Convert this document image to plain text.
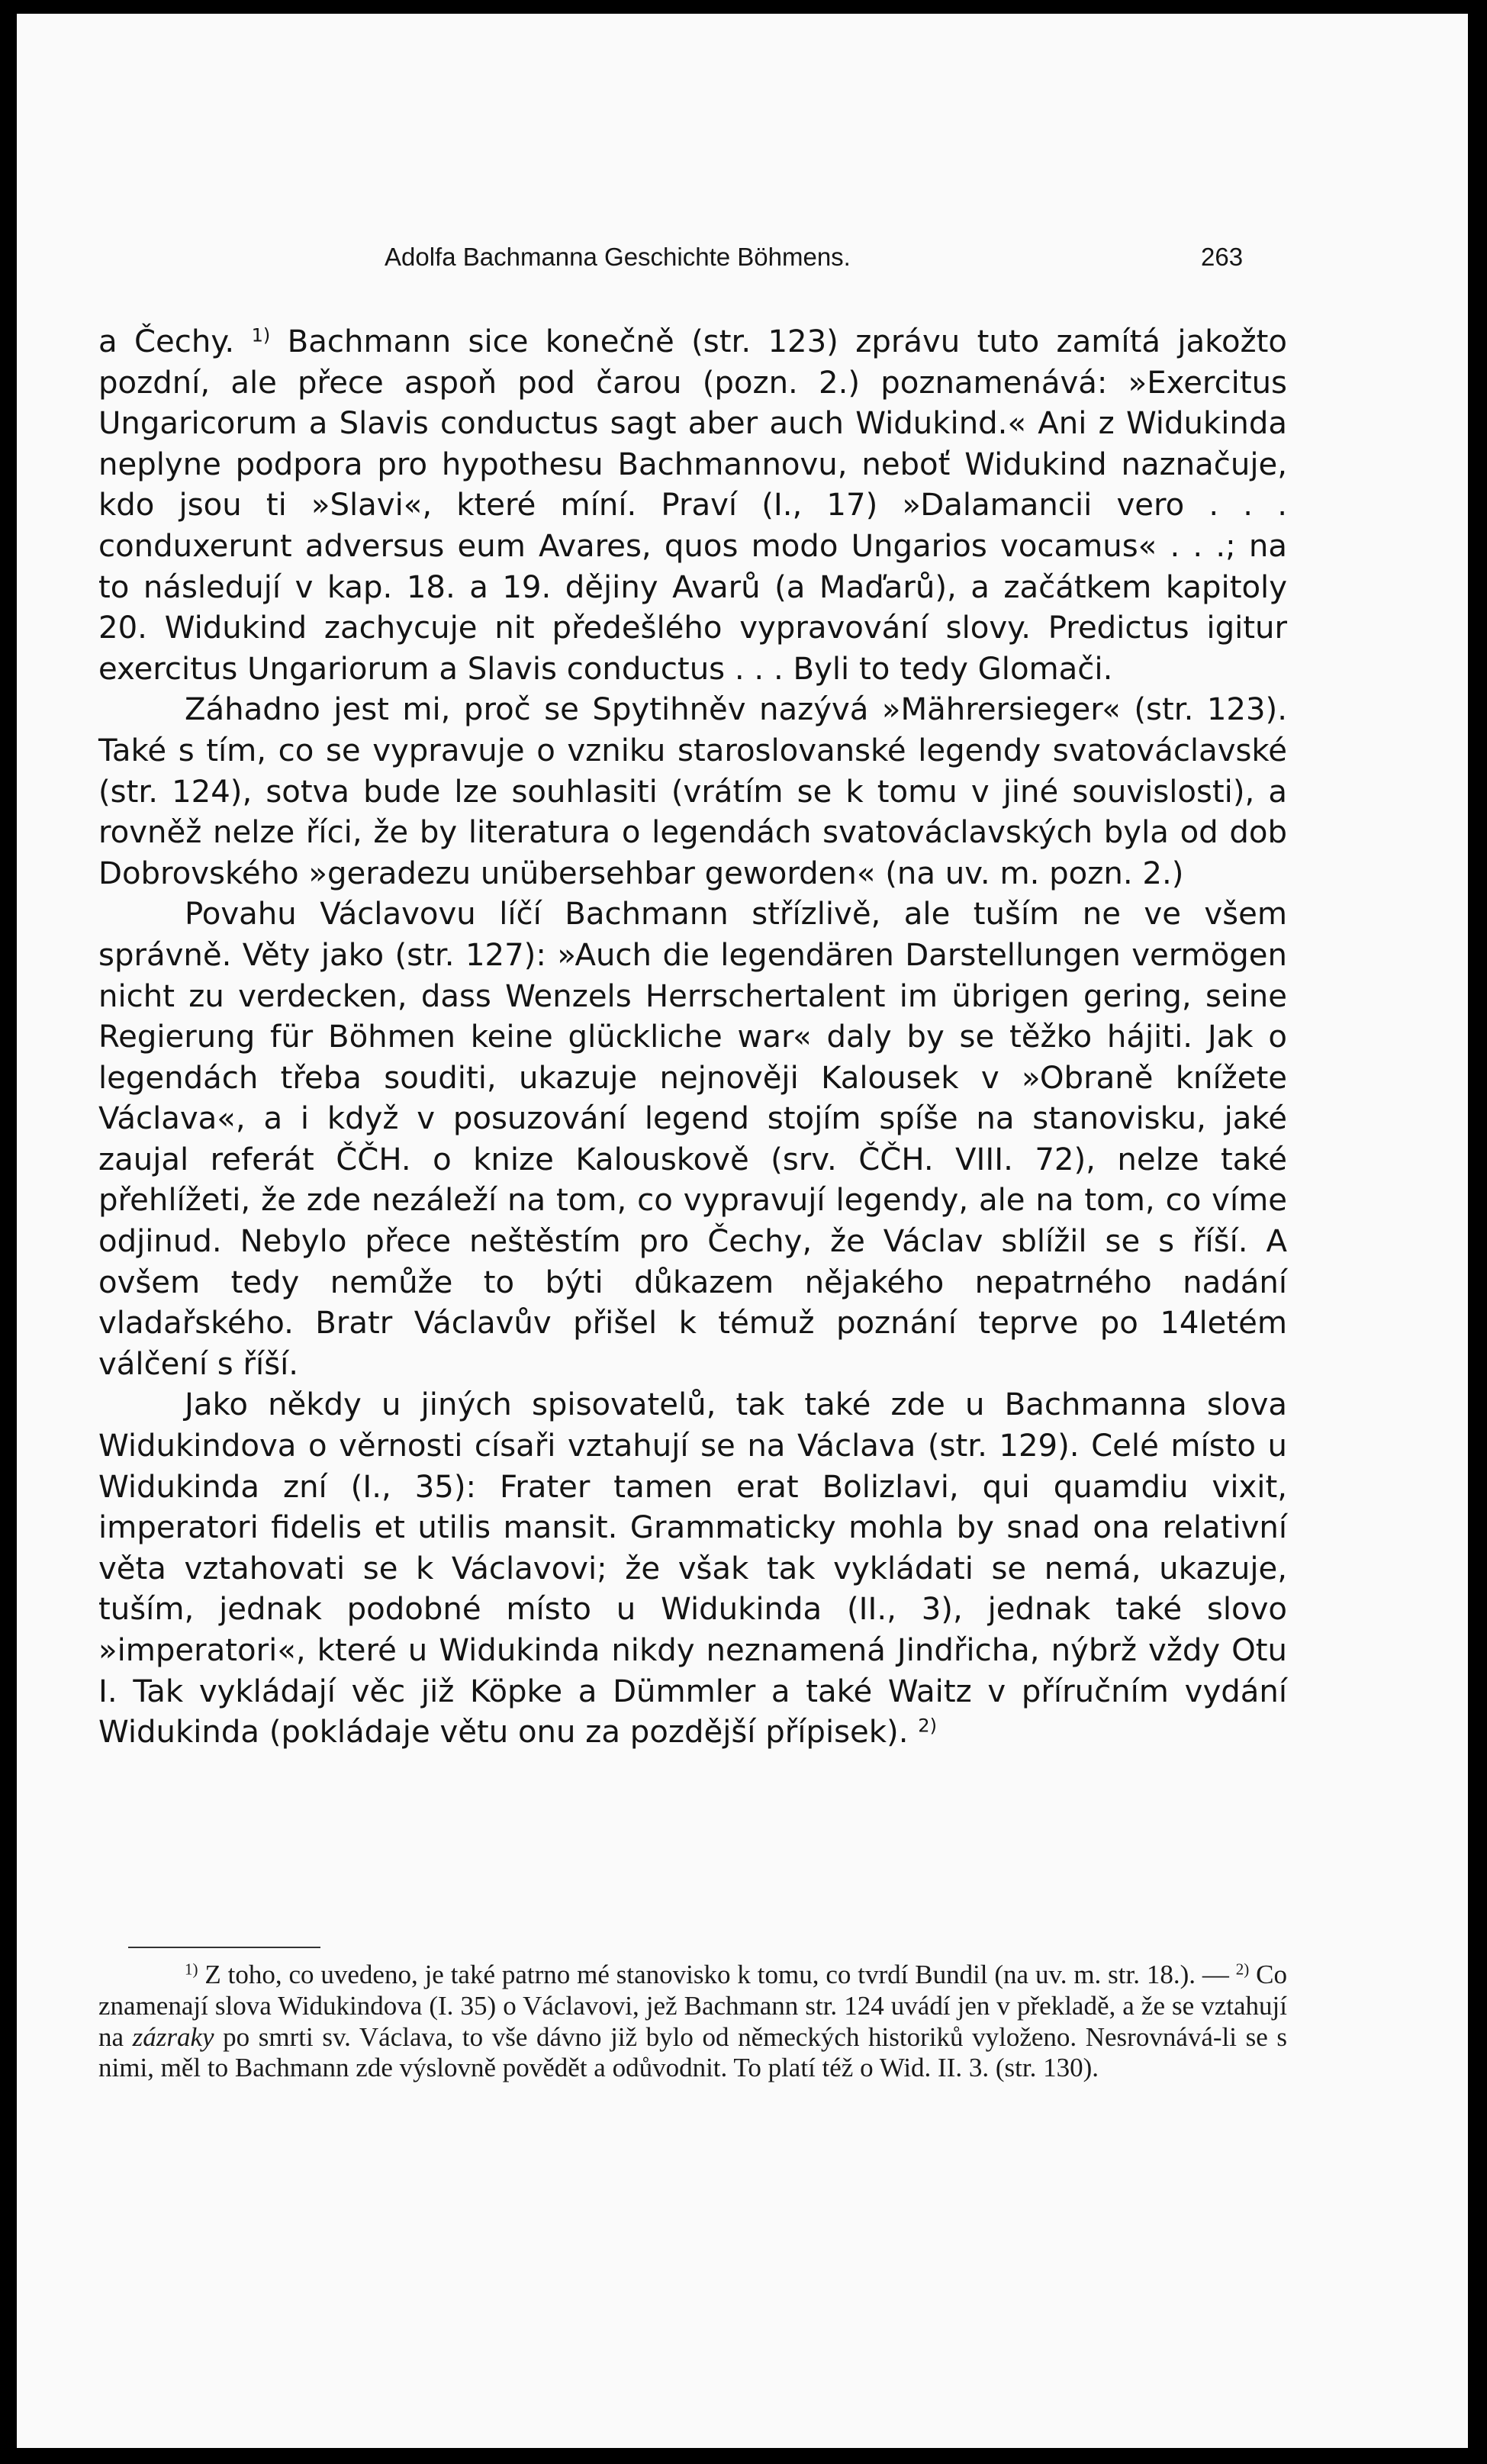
Adolfa Bachmanna Geschichte Böhmens.	263

a Čechy. $^{1)}$ Bachmann sice konečně (str. 123) zprávu tuto zamítá jakožto pozdní, ale přece aspoň pod čarou (pozn. 2.) poznamenává: »Exercitus Ungaricorum a Slavis conductus sagt aber auch Widukind.« Ani z Widukinda neplyne podpora pro hypothesu Bachmannovu, neboť Widukind naznačuje, kdo jsou ti »Slavi«, které míní. Praví (I., 17) »Dalamancii vero . . . conduxerunt adversus eum Avares, quos modo Ungarios vocamus« . . .; na to následují v kap. 18. a 19. dějiny Avarů (a Maďarů), a začátkem kapitoly 20. Widukind zachycuje nit předešlého vypravování slovy. Predictus igitur exercitus Ungariorum a Slavis conductus . . . Byli to tedy Glomači.

Záhadno jest mi, proč se Spytihněv nazývá »Mährersieger« (str. 123). Také s tím, co se vypravuje o vzniku staroslovanské legendy svatováclavské (str. 124), sotva bude lze souhlasiti (vrátím se k tomu v jiné souvislosti), a rovněž nelze říci, že by literatura o legendách svatováclavských byla od dob Dobrovského »geradezu unübersehbar geworden« (na uv. m. pozn. 2.)

Povahu Václavovu líčí Bachmann střízlivě, ale tuším ne ve všem správně. Věty jako (str. 127): »Auch die legendären Darstellungen vermögen nicht zu verdecken, dass Wenzels Herrschertalent im übrigen gering, seine Regierung für Böhmen keine glückliche war« daly by se těžko hájiti. Jak o legendách třeba souditi, ukazuje nejnověji Kalousek v »Obraně knížete Václava«, a i když v posuzování legend stojím spíše na stanovisku, jaké zaujal referát ČČH. o knize Kalouskově (srv. ČČH. VIII. 72), nelze také přehlížeti, že zde nezáleží na tom, co vypravují legendy, ale na tom, co víme odjinud. Nebylo přece neštěstím pro Čechy, že Václav sblížil se s říší. A ovšem tedy nemůže to býti důkazem nějakého nepatrného nadání vladařského. Bratr Václavův přišel k témuž poznání teprve po 14letém válčení s říší.

Jako někdy u jiných spisovatelů, tak také zde u Bachmanna slova Widukindova o věrnosti císaři vztahují se na Václava (str. 129). Celé místo u Widukinda zní (I., 35): Frater tamen erat Bolizlavi, qui quamdiu vixit, imperatori fidelis et utilis mansit. Grammaticky mohla by snad ona relativní věta vztahovati se k Václavovi; že však tak vykládati se nemá, ukazuje, tuším, jednak podobné místo u Widukinda (II., 3), jednak také slovo »imperatori«, které u Widukinda nikdy neznamená Jindřicha, nýbrž vždy Otu I. Tak vykládají věc již Köpke a Dümmler a také Waitz v příručním vydání Widukinda (pokládaje větu onu za pozdější přípisek). $^{2)}$

$^{1)}$ Z toho, co uvedeno, je také patrno mé stanovisko k tomu, co tvrdí Bundil (na uv. m. str. 18.). — $^{2)}$ Co znamenají slova Widukindova (I. 35) o Václavovi, jež Bachmann str. 124 uvádí jen v překladě, a že se vztahují na zázraky po smrti sv. Václava, to vše dávno již bylo od německých historiků vyloženo. Nesrovnává-li se s nimi, měl to Bachmann zde výslovně povědět a odůvodnit. To platí též o Wid. II. 3. (str. 130).
